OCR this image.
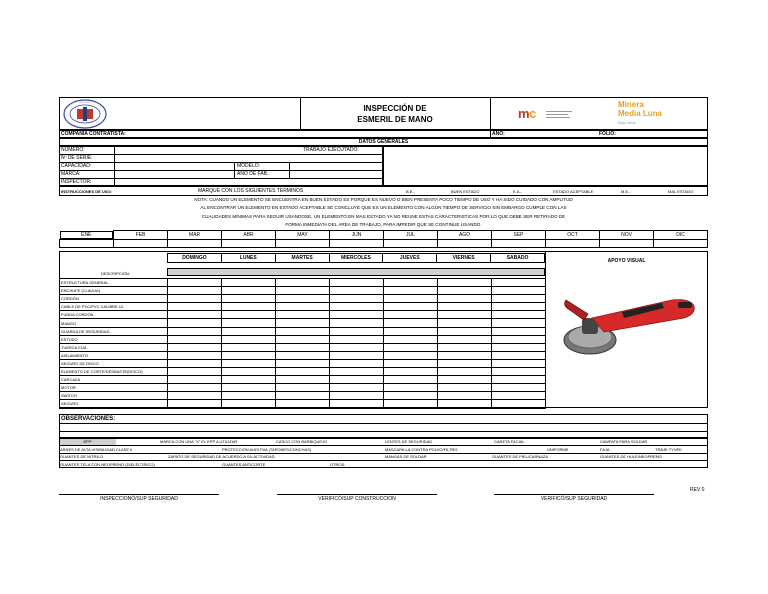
• • • • • •
INSPECCIÓN DE
ESMERIL DE MANO	m c
Minera
Media Luna
Bajo Nivel
COMPAÑÍA CONTRATISTA:	AÑO:	FOLIO:
DATOS GENERALES
NUMERO:	TRABAJO EJECUTADO:
Nº DE SERIE:
CAPACIDAD:	MODELO:
MARCA:	AÑO DE FAB.:
INSPECTOR:
INSTRUCCIONES DE USO:	MARQUE CON LOS SIGUIENTES TERMINOS	B.E.-	BUEN ESTADO	E.A.-	ESTADO ACEPTABLE	M.E.-	MAL ESTADO
NOTA: CUANDO UN ELEMENTO SE ENCUENTRA EN BUEN ESTADO ES PORQUE ES NUEVO O BIEN PRESENTA POCO TIEMPO DE USO Y HA SIDO CUIDADO CON AMPLITUD
AL ENCONTRAR UN ELEMENTO EN ESTADO ACEPTABLE SE CONCLUYE QUE ES UN ELEMENTO CON ALGÚN TIEMPO DE SERVICIO SIN EMBARGO CUMPLE CON LAS
CUALIDADES MÍNIMAS PARA SEGUIR USANDOSE, UN ELEMENTO EN MAS ESTADO YA NO REUNE ESTAS CARACTERISTICAS POR LO QUE DEBE SER RETIRADO DE
FORMA INMEDIATA DEL ÁREA DE TRABAJO, PARA IMPEDIR QUE SE CONTINUE USANDO.
ENE	FEB	MAR	ABR	MAY	JUN	JUL	AGO	SEP	OCT	NOV	DIC

DOMINGO	LUNES	MARTES	MIERCOLES	JUEVES	VIERNES	SABADO	APOYO VISUAL
DESCRIPCIÓN:
ESTRUCTURA GENERAL							
ENCHUFE (CLAVIJA)							
CORDÓN							
CABLE DE PVC/PVC CALIBRE 12							
FUNDA CORDÓN							
MANGO							
GUARDA DE SEGURIDAD							
ESTUDO							
TUERCA FIJA							
AISLAMIENTO							
SEGURO DE DISCO							
ELEMENTO DE CORTE/DESBASTE(DISCO)							
CARCAZA							
MOTOR							
SWITCH							
SEGURO							
OBSERVACIONES:
EPP	MARCA CON UNA "X" EL EPP A UTILIZAR	CASCO CON BARBIQUEJO	LENTES DE SEGURIDAD	CARETA FACIAL	CAMPATA PARA SOLDAR
ARNÉS DE ALTA VISIBILIDAD CLASE II	PROTECCIÓN AUDITIVA (TAPONES/CONCHAS)	MASCARILLA CONTRA POLVO/FILTRO	UNIFORME	FAJA	TRAJE TYVEK
GUANTES DE NITRILO	ZAPATO DE SEGURIDAD DE ACUERDO A SU ACTIVIDAD	MANGAS DE SOLDAR	GUANTES DE PIEL/CARNAZA	GUANTES DE HULE/NEOPRENO
GUANTES TELA CON NEOPRENO (DIELÉCTRICO)	GUANTES ANTICORTE	OTROS:
REV 0
INSPECCIONÓ/SUP SEGURIDAD	VERIFICÓ/SUP CONSTRUCCION	VERIFICÓ/SUP SEGURIDAD
